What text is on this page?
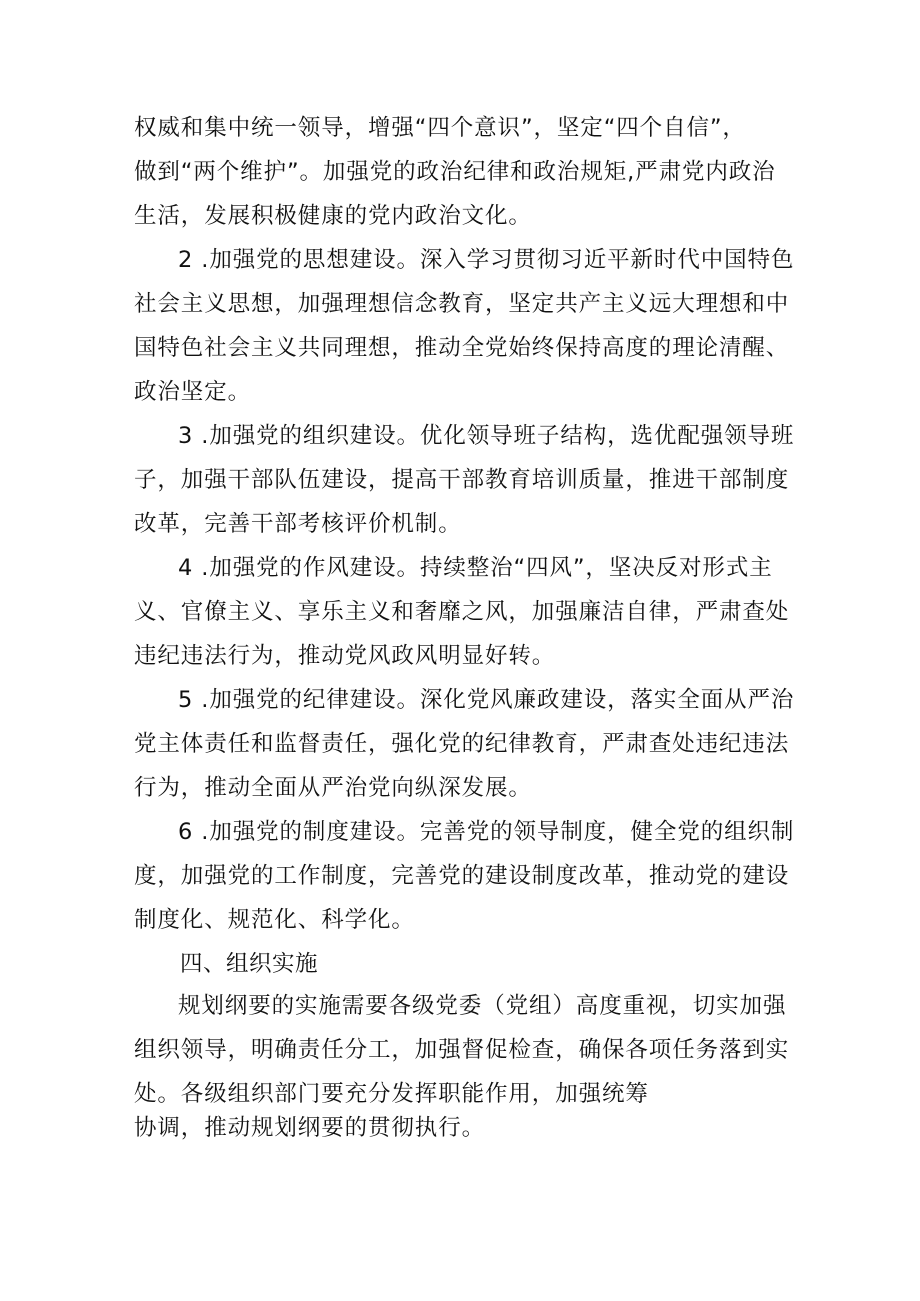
权威和集中统一领导，增强“四个意识”，坚定“四个自信”，
做到“两个维护”。加强党的政治纪律和政治规矩,严肃党内政治
生活，发展积极健康的党内政治文化。
2 .加强党的思想建设。深入学习贯彻习近平新时代中国特色
社会主义思想，加强理想信念教育，坚定共产主义远大理想和中
国特色社会主义共同理想，推动全党始终保持高度的理论清醒、
政治坚定。
3 .加强党的组织建设。优化领导班子结构，选优配强领导班
子，加强干部队伍建设，提高干部教育培训质量，推进干部制度
改革，完善干部考核评价机制。
4 .加强党的作风建设。持续整治“四风”，坚决反对形式主
义、官僚主义、享乐主义和奢靡之风，加强廉洁自律，严肃查处
违纪违法行为，推动党风政风明显好转。
5 .加强党的纪律建设。深化党风廉政建设，落实全面从严治
党主体责任和监督责任，强化党的纪律教育，严肃查处违纪违法
行为，推动全面从严治党向纵深发展。
6 .加强党的制度建设。完善党的领导制度，健全党的组织制
度，加强党的工作制度，完善党的建设制度改革，推动党的建设
制度化、规范化、科学化。
四、组织实施
规划纲要的实施需要各级党委（党组）高度重视，切实加强
组织领导，明确责任分工，加强督促检查，确保各项任务落到实
处。各级组织部门要充分发挥职能作用，加强统筹
协调，推动规划纲要的贯彻执行。
